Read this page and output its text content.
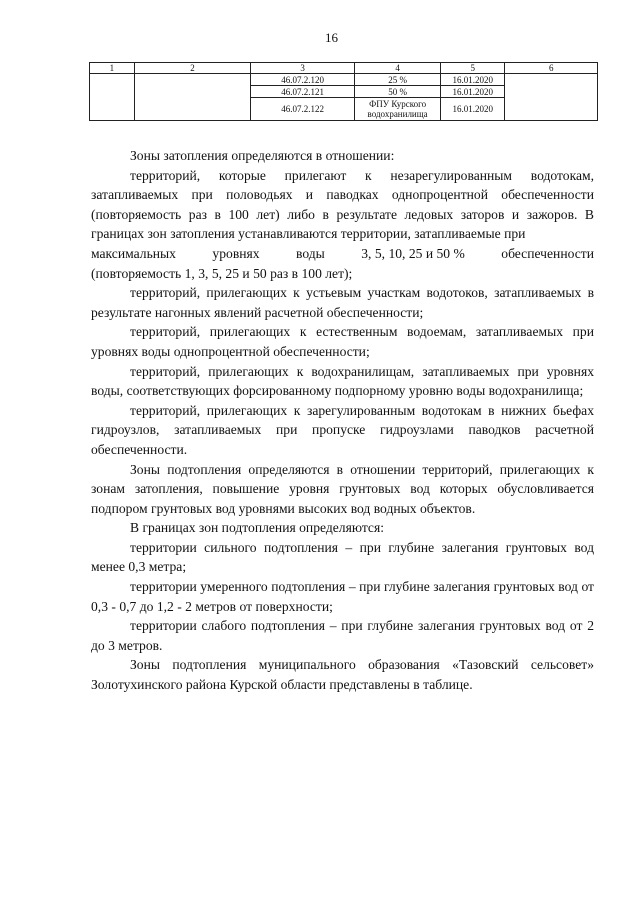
16
1	2	3	4	5	6
		46.07.2.120	25 %	16.01.2020	
		46.07.2.121	50 %	16.01.2020	
		46.07.2.122	ФПУ Курского водохранилища	16.01.2020	

Зоны затопления определяются в отношении:

территорий, которые прилегают к незарегулированным водотокам, затапливаемых при половодьях и паводках однопроцентной обеспеченности (повторяемость раз в 100 лет) либо в результате ледовых заторов и зажоров. В границах зон затопления устанавливаются территории, затапливаемые при

максимальных	уровнях	воды	3, 5, 10, 25 и 50 %	обеспеченности

(повторяемость 1, 3, 5, 25 и 50 раз в 100 лет);

территорий, прилегающих к устьевым участкам водотоков, затапливаемых в результате нагонных явлений расчетной обеспеченности;

территорий, прилегающих к естественным водоемам, затапливаемых при уровнях воды однопроцентной обеспеченности;

территорий, прилегающих к водохранилищам, затапливаемых при уровнях воды, соответствующих форсированному подпорному уровню воды водохранилища;

территорий, прилегающих к зарегулированным водотокам в нижних бьефах гидроузлов, затапливаемых при пропуске гидроузлами паводков расчетной обеспеченности.

Зоны подтопления определяются в отношении территорий, прилегающих к зонам затопления, повышение уровня грунтовых вод которых обусловливается подпором грунтовых вод уровнями высоких вод водных объектов.

В границах зон подтопления определяются:

территории сильного подтопления – при глубине залегания грунтовых вод менее 0,3 метра;

территории умеренного подтопления – при глубине залегания грунтовых вод от 0,3 - 0,7 до 1,2 - 2 метров от поверхности;

территории слабого подтопления – при глубине залегания грунтовых вод от 2 до 3 метров.

Зоны подтопления муниципального образования «Тазовский сельсовет» Золотухинского района Курской области представлены в таблице.
